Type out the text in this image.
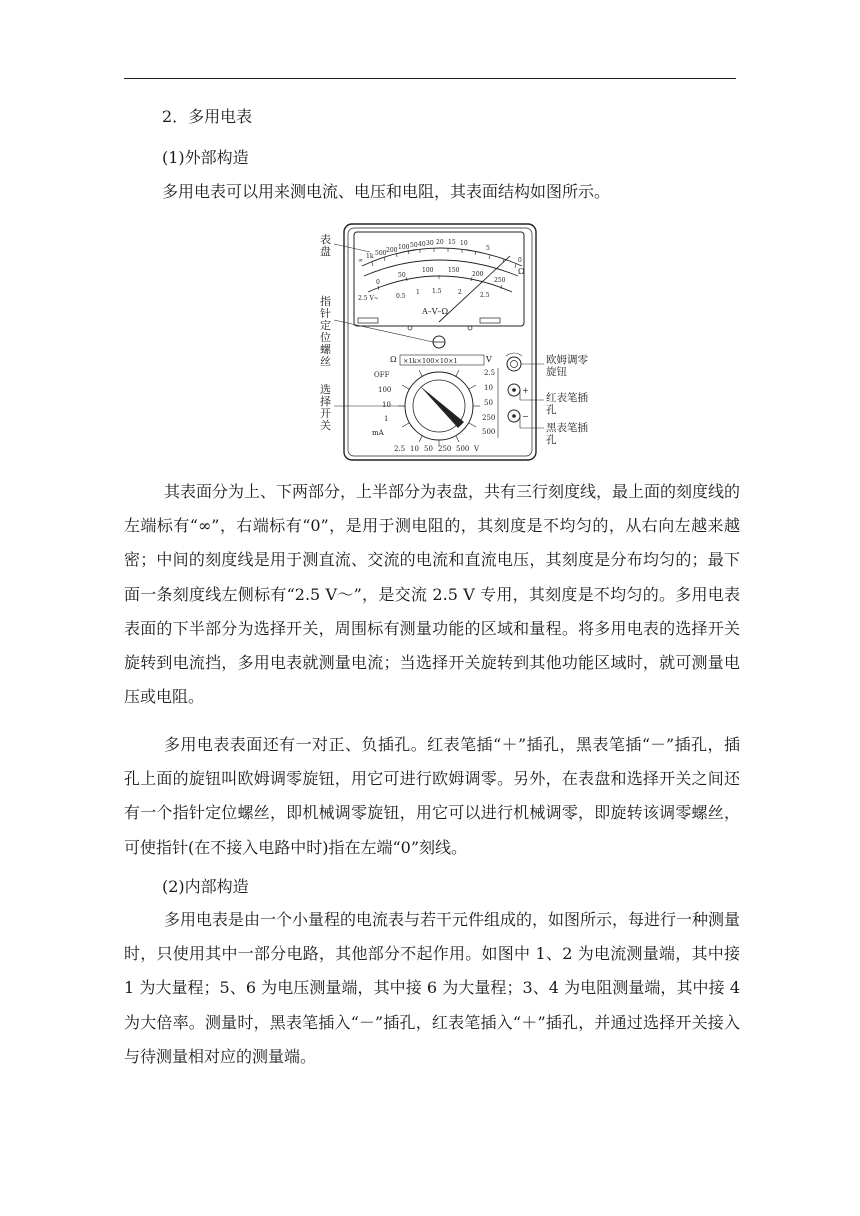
2．多用电表
(1)外部构造
多用电表可以用来测电流、电压和电阻，其表面结构如图所示。
∞
1k 500 200 100 50 40 30 20 15 10
5
0
Ω
0
50
100 150
200
250
0.5
1 1.5	2	2.5
2.5 V~
A–V–Ω
Ω ×1k×100×10×1	V
OFF
100
10
1
mA
2.5
10
50
250
500
2.5 10 50 250 500 V
+
−
表盘
指针定位螺丝
选择开关
欧姆调零旋钮
红表笔插孔
黑表笔插孔
其表面分为上、下两部分，上半部分为表盘，共有三行刻度线，最上面的刻度线的左端标有“∞”，右端标有“0”，是用于测电阻的，其刻度是不均匀的，从右向左越来越密；中间的刻度线是用于测直流、交流的电流和直流电压，其刻度是分布均匀的；最下面一条刻度线左侧标有“2.5 V～”，是交流 2.5 V 专用，其刻度是不均匀的。多用电表表面的下半部分为选择开关，周围标有测量功能的区域和量程。将多用电表的选择开关旋转到电流挡，多用电表就测量电流；当选择开关旋转到其他功能区域时，就可测量电压或电阻。
多用电表表面还有一对正、负插孔。红表笔插“＋”插孔，黑表笔插“－”插孔，插孔上面的旋钮叫欧姆调零旋钮，用它可进行欧姆调零。另外，在表盘和选择开关之间还有一个指针定位螺丝，即机械调零旋钮，用它可以进行机械调零，即旋转该调零螺丝，可使指针(在不接入电路中时)指在左端“0”刻线。
(2)内部构造
多用电表是由一个小量程的电流表与若干元件组成的，如图所示，每进行一种测量时，只使用其中一部分电路，其他部分不起作用。如图中 1、2 为电流测量端，其中接 1 为大量程；5、6 为电压测量端，其中接 6 为大量程；3、4 为电阻测量端，其中接 4 为大倍率。测量时，黑表笔插入“－”插孔，红表笔插入“＋”插孔，并通过选择开关接入与待测量相对应的测量端。
